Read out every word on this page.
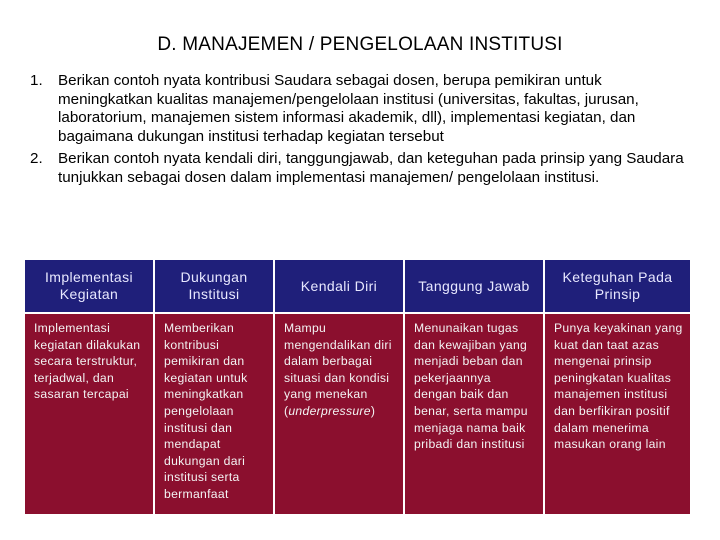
D. MANAJEMEN / PENGELOLAAN INSTITUSI
1. Berikan contoh nyata kontribusi Saudara sebagai dosen, berupa pemikiran untuk meningkatkan kualitas manajemen/pengelolaan institusi (universitas, fakultas, jurusan, laboratorium, manajemen sistem informasi akademik, dll), implementasi kegiatan, dan bagaimana dukungan institusi terhadap kegiatan tersebut
2. Berikan contoh nyata kendali diri, tanggungjawab, dan keteguhan pada prinsip yang Saudara tunjukkan sebagai dosen dalam implementasi manajemen/ pengelolaan institusi.
Implementasi Kegiatan
Dukungan Institusi
Kendali Diri	Tanggung Jawab
Keteguhan Pada Prinsip
Implementasi kegiatan dilakukan secara terstruktur, terjadwal, dan sasaran tercapai
Memberikan kontribusi pemikiran dan kegiatan untuk meningkatkan pengelolaan institusi dan mendapat dukungan dari institusi serta bermanfaat
Mampu mengendalikan diri dalam berbagai situasi dan kondisi yang menekan (underpressure)
Menunaikan tugas dan kewajiban yang menjadi beban dan pekerjaannya dengan baik dan benar, serta mampu menjaga nama baik pribadi dan institusi
Punya keyakinan yang kuat dan taat azas mengenai prinsip peningkatan kualitas manajemen institusi dan berfikiran positif dalam menerima masukan orang lain
